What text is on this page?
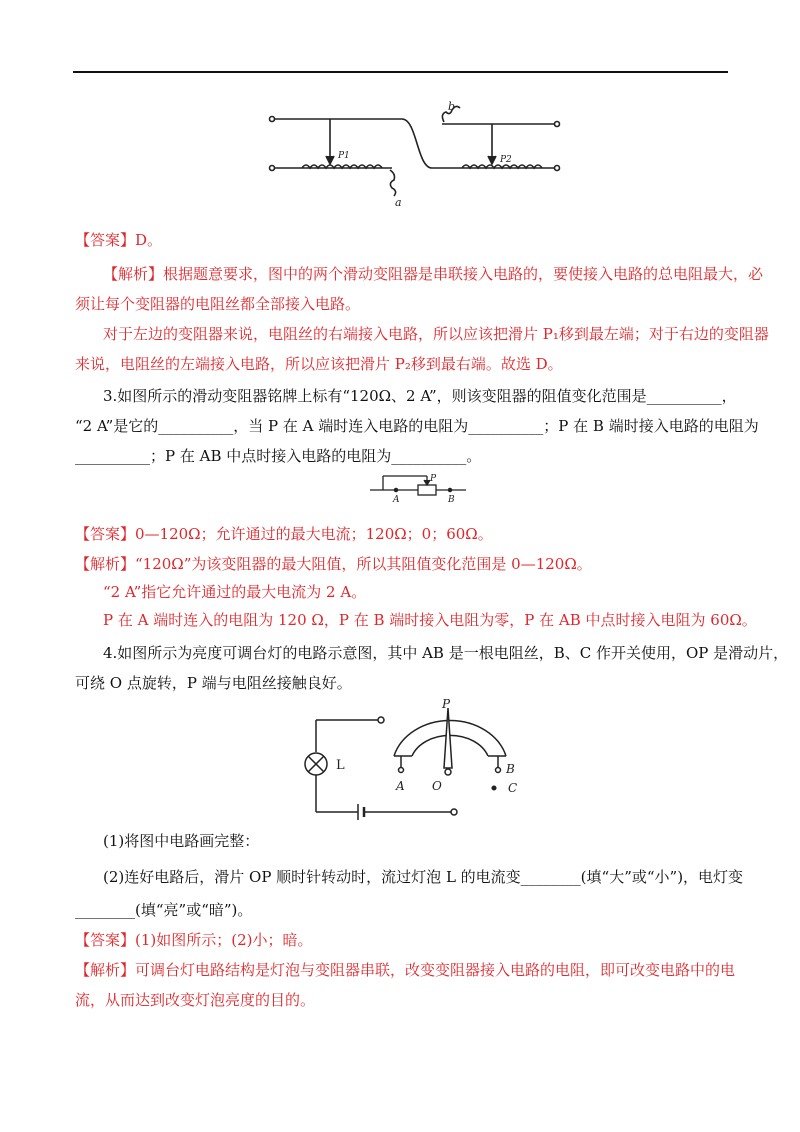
b
a
P1	P2
【答案】D。
【解析】根据题意要求，图中的两个滑动变阻器是串联接入电路的，要使接入电路的总电阻最大，必
须让每个变阻器的电阻丝都全部接入电路。
对于左边的变阻器来说，电阻丝的右端接入电路，所以应该把滑片 P₁移到最左端；对于右边的变阻器
来说，电阻丝的左端接入电路，所以应该把滑片 P₂移到最右端。故选 D。
3.如图所示的滑动变阻器铭牌上标有“120Ω、2 A”，则该变阻器的阻值变化范围是__________，
“2 A”是它的__________，当 P 在 A 端时连入电路的电阻为__________；P 在 B 端时接入电路的电阻为
__________；P 在 AB 中点时接入电路的电阻为__________。
P
A	B
【答案】0—120Ω；允许通过的最大电流；120Ω；0；60Ω。
【解析】“120Ω”为该变阻器的最大阻值，所以其阻值变化范围是 0—120Ω。
“2 A”指它允许通过的最大电流为 2 A。
P 在 A 端时连入的电阻为 120 Ω，P 在 B 端时接入电阻为零，P 在 AB 中点时接入电阻为 60Ω。
4.如图所示为亮度可调台灯的电路示意图，其中 AB 是一根电阻丝，B、C 作开关使用，OP 是滑动片，
可绕 O 点旋转，P 端与电阻丝接触良好。
P
L
A O
B
C
(1)将图中电路画完整：
(2)连好电路后，滑片 OP 顺时针转动时，流过灯泡 L 的电流变________(填“大”或“小”)，电灯变
________(填“亮”或“暗”)。
【答案】(1)如图所示；(2)小；暗。
【解析】可调台灯电路结构是灯泡与变阻器串联，改变变阻器接入电路的电阻，即可改变电路中的电
流，从而达到改变灯泡亮度的目的。
